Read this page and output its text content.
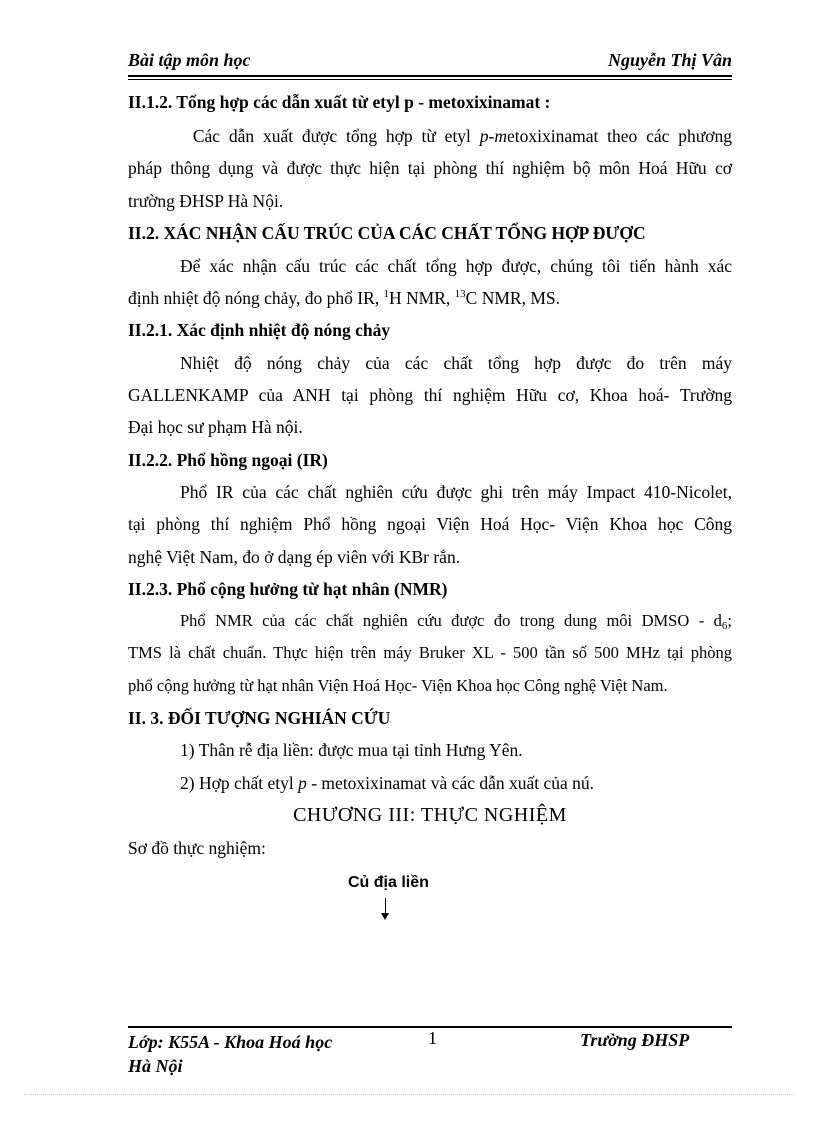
Bài tập môn học	Nguyễn Thị Vân
II.1.2. Tổng hợp các dẫn xuất từ etyl p - metoxixinamat :
Các dẫn xuất được tổng hợp từ etyl p-metoxixinamat theo các phương
pháp thông dụng và được thực hiện tại phòng thí nghiệm bộ môn Hoá Hữu cơ
trường ĐHSP Hà Nội.
II.2. XÁC NHẬN CẤU TRÚC CỦA CÁC CHẤT TỔNG HỢP ĐƯỢC
Để xác nhận cấu trúc các chất tổng hợp được, chúng tôi tiến hành xác
định nhiệt độ nóng chảy, đo phổ IR, $^1$H NMR, $^{13}$C NMR, MS.
II.2.1. Xác định nhiệt độ nóng chảy
Nhiệt độ nóng chảy của các chất tổng hợp được đo trên máy
GALLENKAMP của ANH tại phòng thí nghiệm Hữu cơ, Khoa hoá- Trường
Đại học sư phạm Hà nội.
II.2.2. Phổ hồng ngoại (IR)
Phổ IR của các chất nghiên cứu được ghi trên máy Impact 410-Nicolet,
tại phòng thí nghiệm Phổ hồng ngoại Viện Hoá Học- Viện Khoa học Công
nghệ Việt Nam, đo ở dạng ép viên với KBr rắn.
II.2.3. Phổ cộng hưởng từ hạt nhân (NMR)
Phổ NMR của các chất nghiên cứu được đo trong dung môi DMSO - $d_6$;
TMS là chất chuẩn. Thực hiện trên máy Bruker XL - 500 tần số 500 MHz tại phòng
phổ cộng hưởng từ hạt nhân Viện Hoá Học- Viện Khoa học Công nghệ Việt Nam.
II. 3. ĐỐI TƯỢNG NGHIÁN CỨU
1) Thân rễ địa liền: được mua tại tỉnh Hưng Yên.
2) Hợp chất etyl p - metoxixinamat và các dẫn xuất của nú.
CHƯƠNG III: THỰC NGHIỆM
Sơ đồ thực nghiệm:
Củ địa liền
Lớp: K55A - Khoa Hoá học
Hà Nội
1	Trường ĐHSP
